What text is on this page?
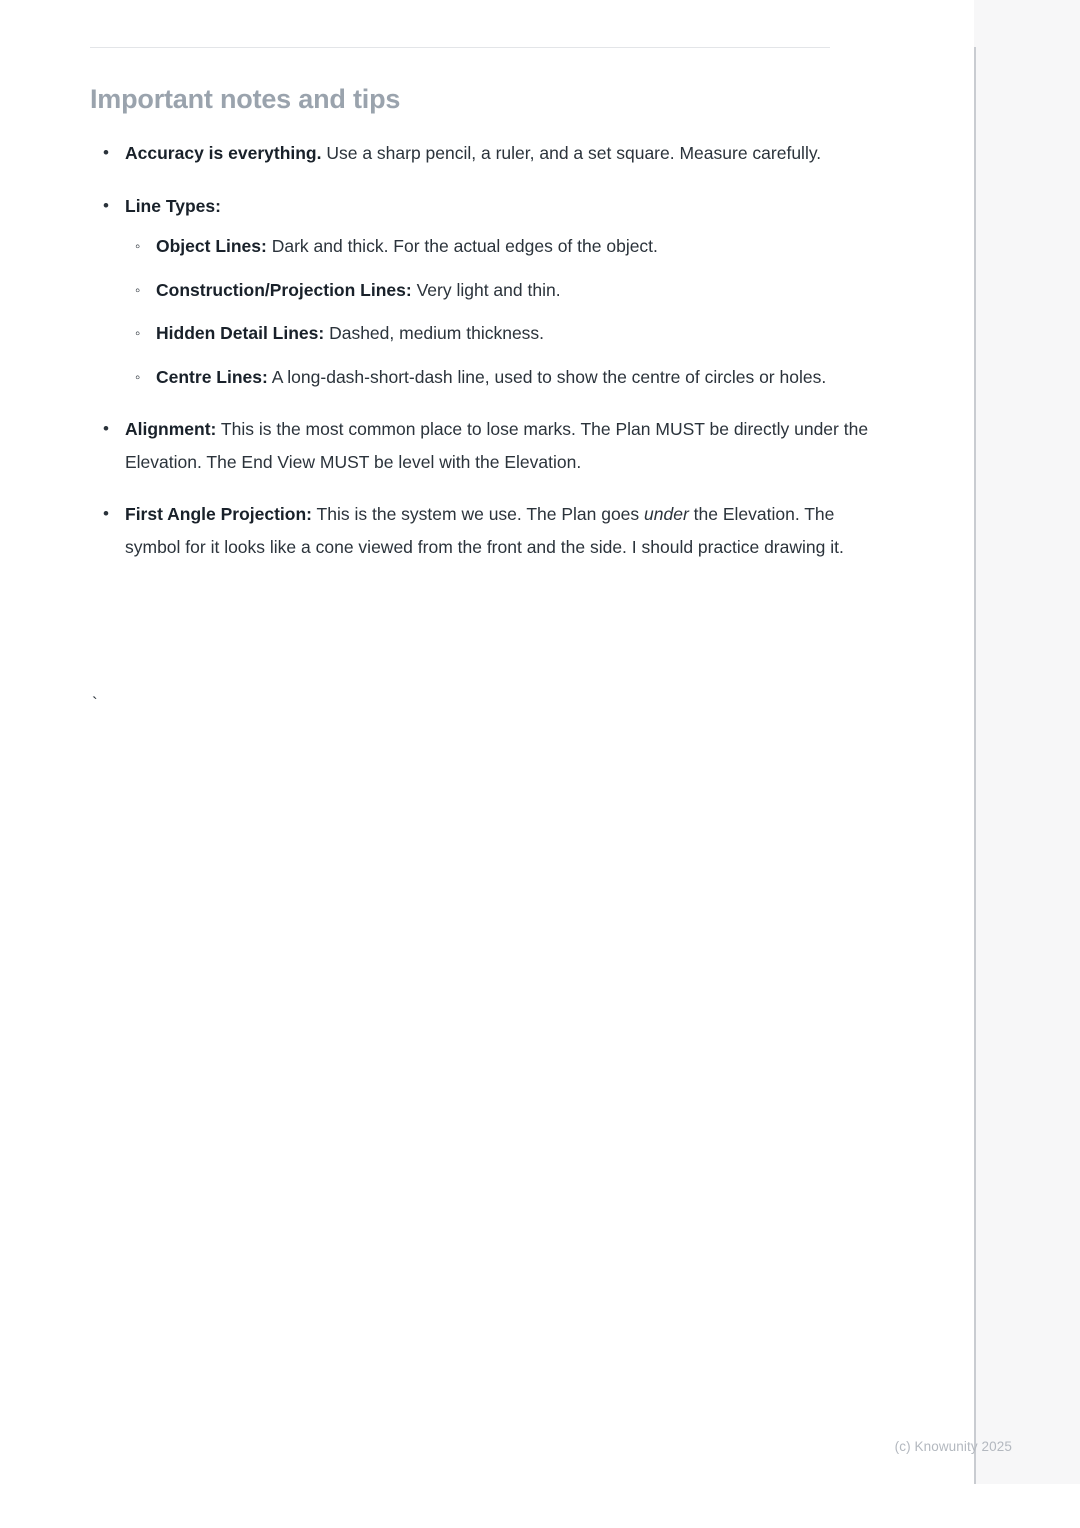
Important notes and tips
• Accuracy is everything. Use a sharp pencil, a ruler, and a set square. Measure carefully.
• Line Types:
◦ Object Lines: Dark and thick. For the actual edges of the object.
◦ Construction/Projection Lines: Very light and thin.
◦ Hidden Detail Lines: Dashed, medium thickness.
◦ Centre Lines: A long-dash-short-dash line, used to show the centre of circles or holes.
• Alignment: This is the most common place to lose marks. The Plan MUST be directly under the Elevation. The End View MUST be level with the Elevation.
• First Angle Projection: This is the system we use. The Plan goes under the Elevation. The symbol for it looks like a cone viewed from the front and the side. I should practice drawing it.
`
(c) Knowunity 2025
